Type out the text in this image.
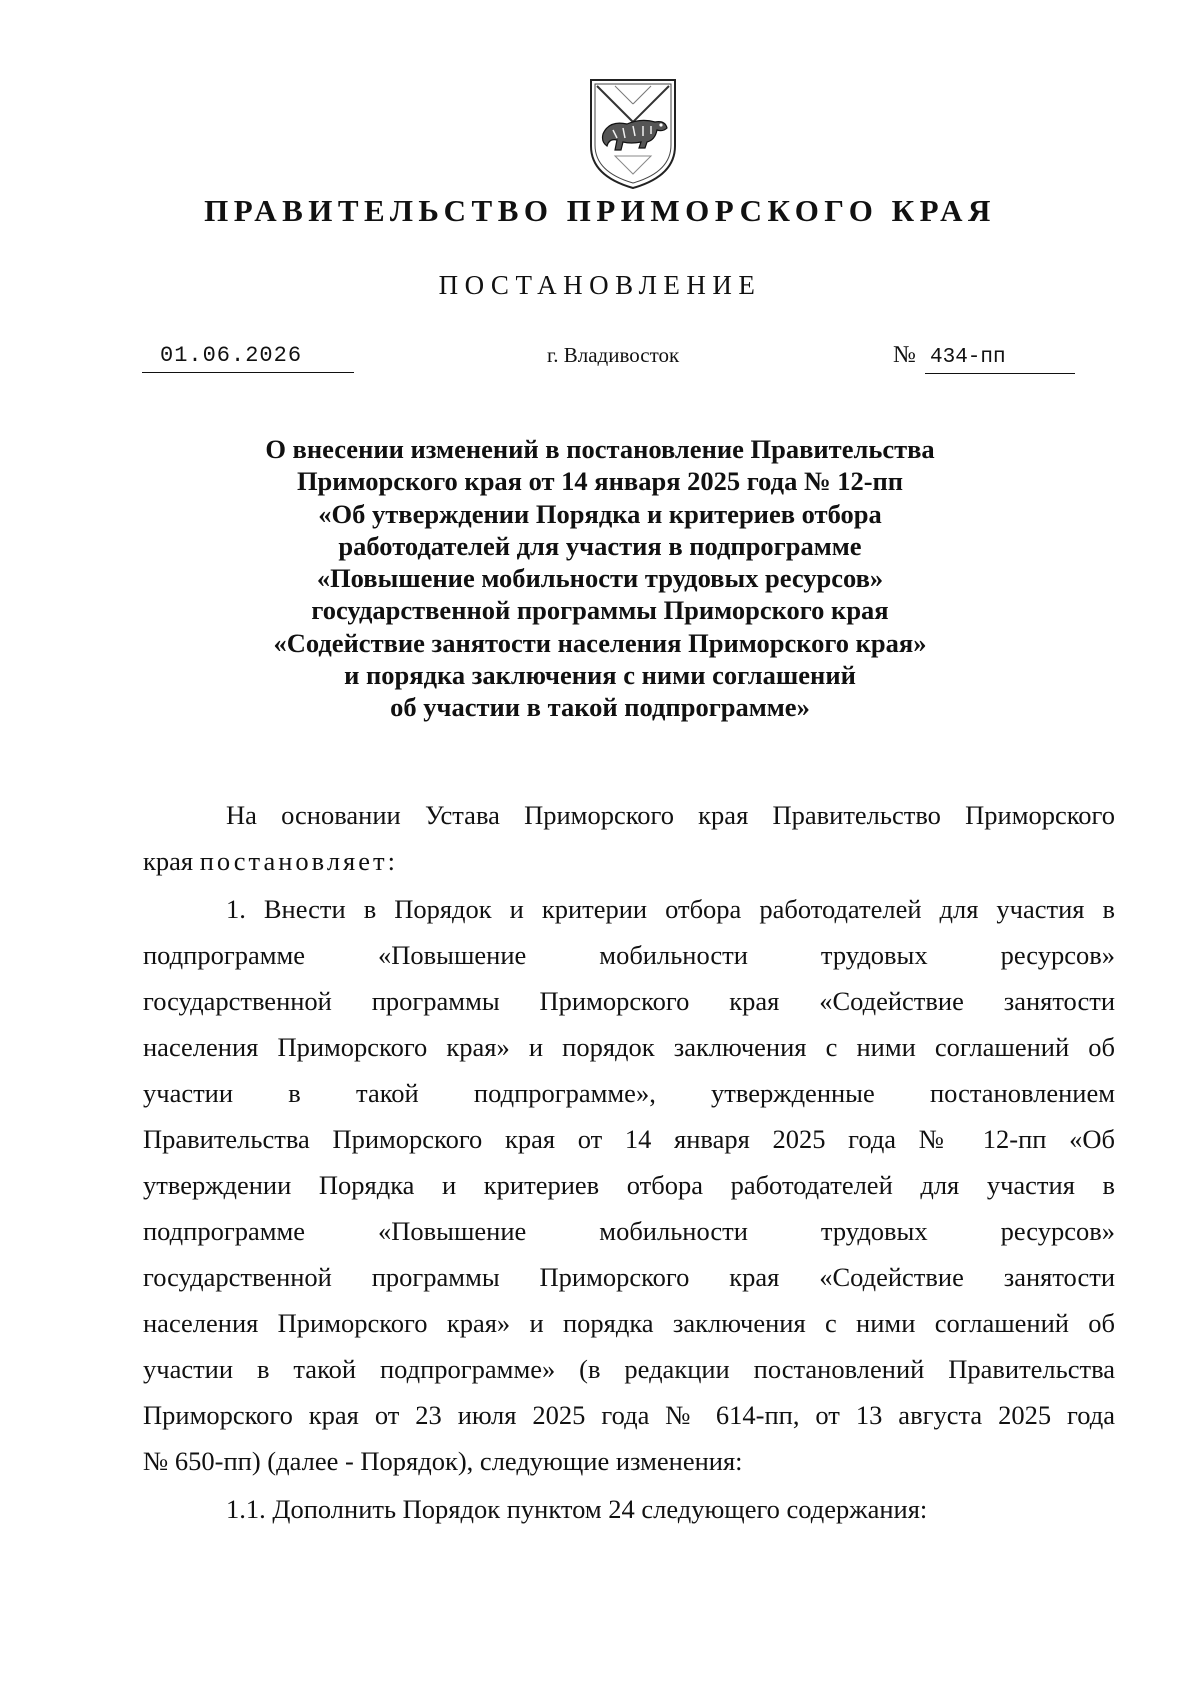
ПРАВИТЕЛЬСТВО ПРИМОРСКОГО КРАЯ
ПОСТАНОВЛЕНИЕ
01.06.2026	г. Владивосток	№ 434-пп
О внесении изменений в постановление Правительства
Приморского края от 14 января 2025 года № 12-пп
«Об утверждении Порядка и критериев отбора
работодателей для участия в подпрограмме
«Повышение мобильности трудовых ресурсов»
государственной программы Приморского края
«Содействие занятости населения Приморского края»
и порядка заключения с ними соглашений
об участии в такой подпрограмме»
На основании Устава Приморского края Правительство Приморского
края постановляет:
1. Внести в Порядок и критерии отбора работодателей для участия в
подпрограмме «Повышение мобильности трудовых ресурсов»
государственной программы Приморского края «Содействие занятости
населения Приморского края» и порядок заключения с ними соглашений об
участии в такой подпрограмме», утвержденные постановлением
Правительства Приморского края от 14 января 2025 года № 12-пп «Об
утверждении Порядка и критериев отбора работодателей для участия в
подпрограмме «Повышение мобильности трудовых ресурсов»
государственной программы Приморского края «Содействие занятости
населения Приморского края» и порядка заключения с ними соглашений об
участии в такой подпрограмме» (в редакции постановлений Правительства
Приморского края от 23 июля 2025 года № 614-пп, от 13 августа 2025 года
№ 650-пп) (далее - Порядок), следующие изменения:
1.1. Дополнить Порядок пунктом 24 следующего содержания:
